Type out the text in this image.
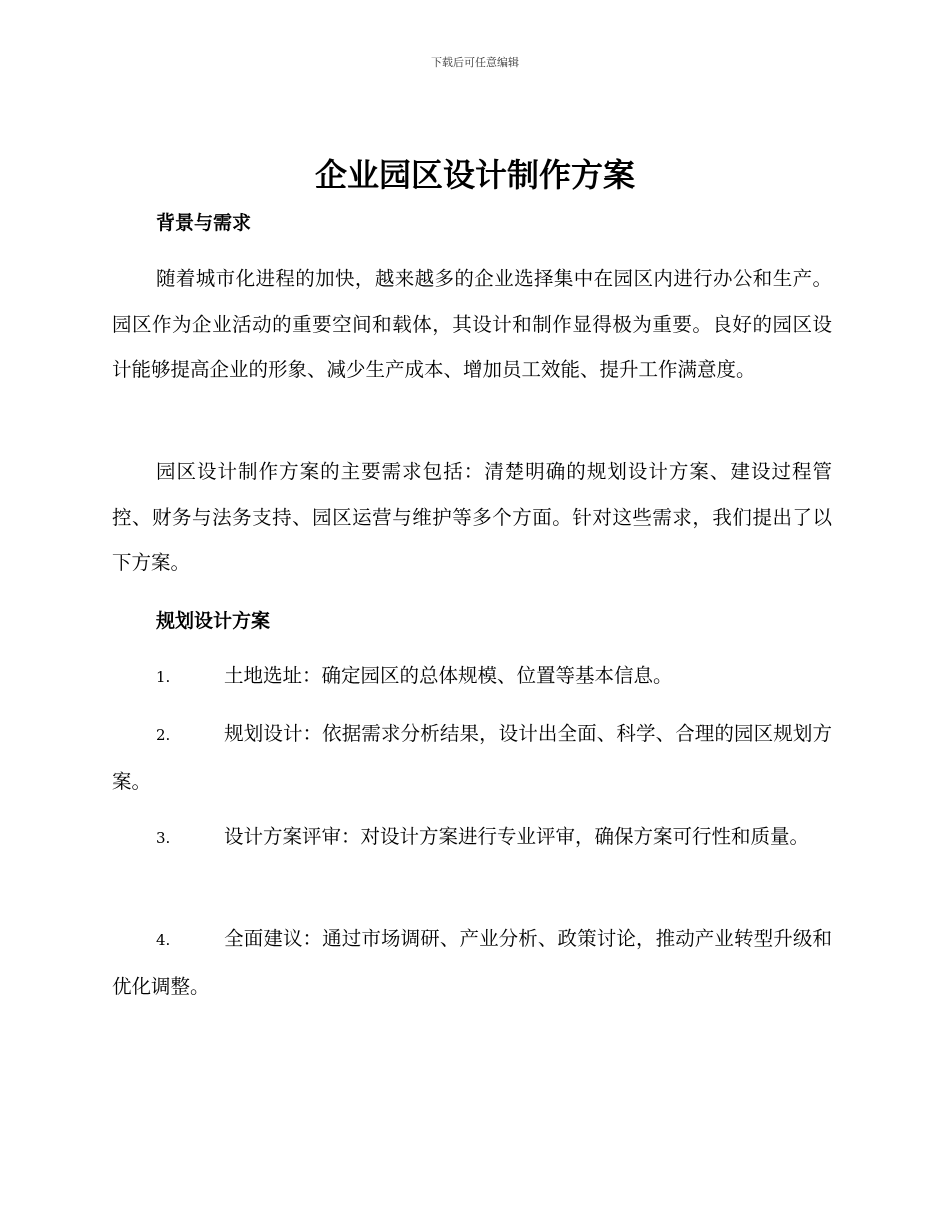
下载后可任意编辑
企业园区设计制作方案
背景与需求
随着城市化进程的加快，越来越多的企业选择集中在园区内进行办公和生产。园区作为企业活动的重要空间和载体，其设计和制作显得极为重要。良好的园区设计能够提高企业的形象、减少生产成本、增加员工效能、提升工作满意度。
园区设计制作方案的主要需求包括：清楚明确的规划设计方案、建设过程管控、财务与法务支持、园区运营与维护等多个方面。针对这些需求，我们提出了以下方案。
规划设计方案
1.	土地选址：确定园区的总体规模、位置等基本信息。
2.	规划设计：依据需求分析结果，设计出全面、科学、合理的园区规划方案。
3.	设计方案评审：对设计方案进行专业评审，确保方案可行性和质量。
4.	全面建议：通过市场调研、产业分析、政策讨论，推动产业转型升级和优化调整。
